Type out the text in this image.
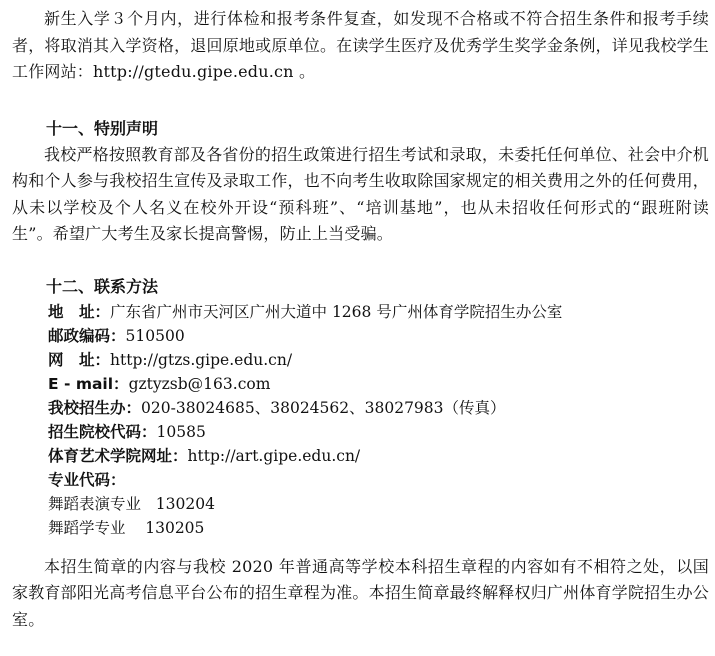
新生入学３个月内，进行体检和报考条件复查，如发现不合格或不符合招生条件和报考手续者，将取消其入学资格，退回原地或原单位。在读学生医疗及优秀学生奖学金条例，详见我校学生工作网站：http://gtedu.gipe.edu.cn 。

十一、特别声明

我校严格按照教育部及各省份的招生政策进行招生考试和录取，未委托任何单位、社会中介机构和个人参与我校招生宣传及录取工作，也不向考生收取除国家规定的相关费用之外的任何费用，从未以学校及个人名义在校外开设“预科班”、“培训基地”，也从未招收任何形式的“跟班附读生”。希望广大考生及家长提高警惕，防止上当受骗。

十二、联系方法

地　址：广东省广州市天河区广州大道中 1268 号广州体育学院招生办公室

邮政编码：510500

网　址：http://gtzs.gipe.edu.cn/

E - mail：gztyzsb@163.com

我校招生办：020-38024685、38024562、38027983（传真）

招生院校代码：10585

体育艺术学院网址：http://art.gipe.edu.cn/

专业代码：

舞蹈表演专业 130204

舞蹈学专业 130205

本招生简章的内容与我校 2020 年普通高等学校本科招生章程的内容如有不相符之处，以国家教育部阳光高考信息平台公布的招生章程为准。本招生简章最终解释权归广州体育学院招生办公室。
